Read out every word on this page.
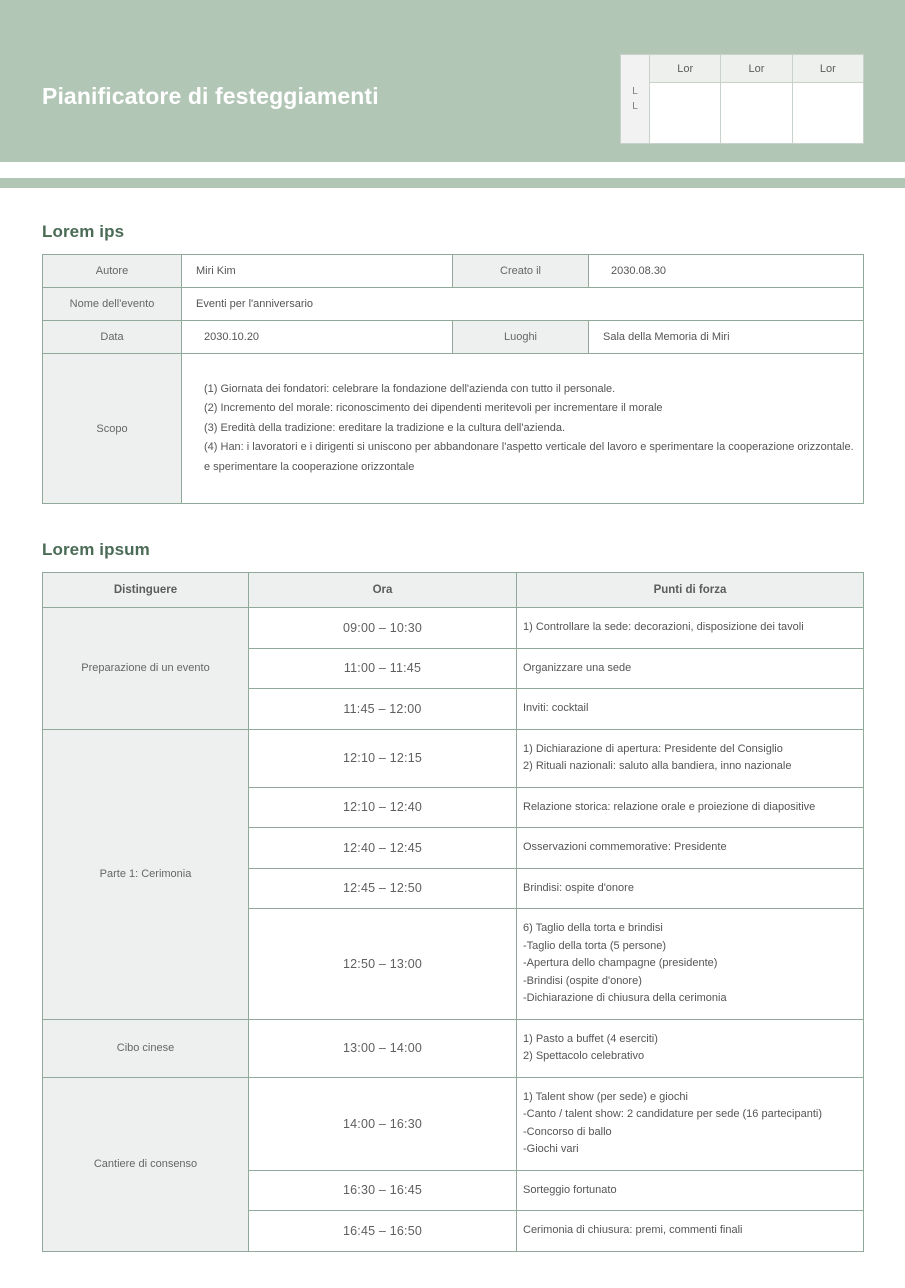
Pianificatore di festeggiamenti	L
L	Lor	Lor	Lor

Lorem ips
Autore	Miri Kim	Creato il	2030.08.30
Nome dell'evento	Eventi per l'anniversario		
Data	2030.10.20	Luoghi	Sala della Memoria di Miri
Scopo	(1) Giornata dei fondatori: celebrare la fondazione dell'azienda con tutto il personale. (2) Incremento del morale: riconoscimento dei dipendenti meritevoli per incrementare il morale (3) Eredità della tradizione: ereditare la tradizione e la cultura dell'azienda. (4) Han: i lavoratori e i dirigenti si uniscono per abbandonare l'aspetto verticale del lavoro e sperimentare la cooperazione orizzontale. e sperimentare la cooperazione orizzontale		
Lorem ipsum
Distinguere	Ora	Punti di forza
Preparazione di un evento	09:00 – 10:30	1) Controllare la sede: decorazioni, disposizione dei tavoli

	11:00 – 11:45	Organizzare una sede

	11:45 – 12:00	Inviti: cocktail

Parte 1: Cerimonia	12:10 – 12:15	1) Dichiarazione di apertura: Presidente del Consiglio
2) Rituali nazionali: saluto alla bandiera, inno nazionale

	12:10 – 12:40	Relazione storica: relazione orale e proiezione di diapositive

	12:40 – 12:45	Osservazioni commemorative: Presidente

	12:45 – 12:50	Brindisi: ospite d'onore

	12:50 – 13:00	6) Taglio della torta e brindisi
-Taglio della torta (5 persone)
-Apertura dello champagne (presidente)
-Brindisi (ospite d'onore)
-Dichiarazione di chiusura della cerimonia

Cibo cinese	13:00 – 14:00	1) Pasto a buffet (4 eserciti)
2) Spettacolo celebrativo

Cantiere di consenso	14:00 – 16:30	1) Talent show (per sede) e giochi
-Canto / talent show: 2 candidature per sede (16 partecipanti)
-Concorso di ballo
-Giochi vari

	16:30 – 16:45	Sorteggio fortunato

	16:45 – 16:50	Cerimonia di chiusura: premi, commenti finali
